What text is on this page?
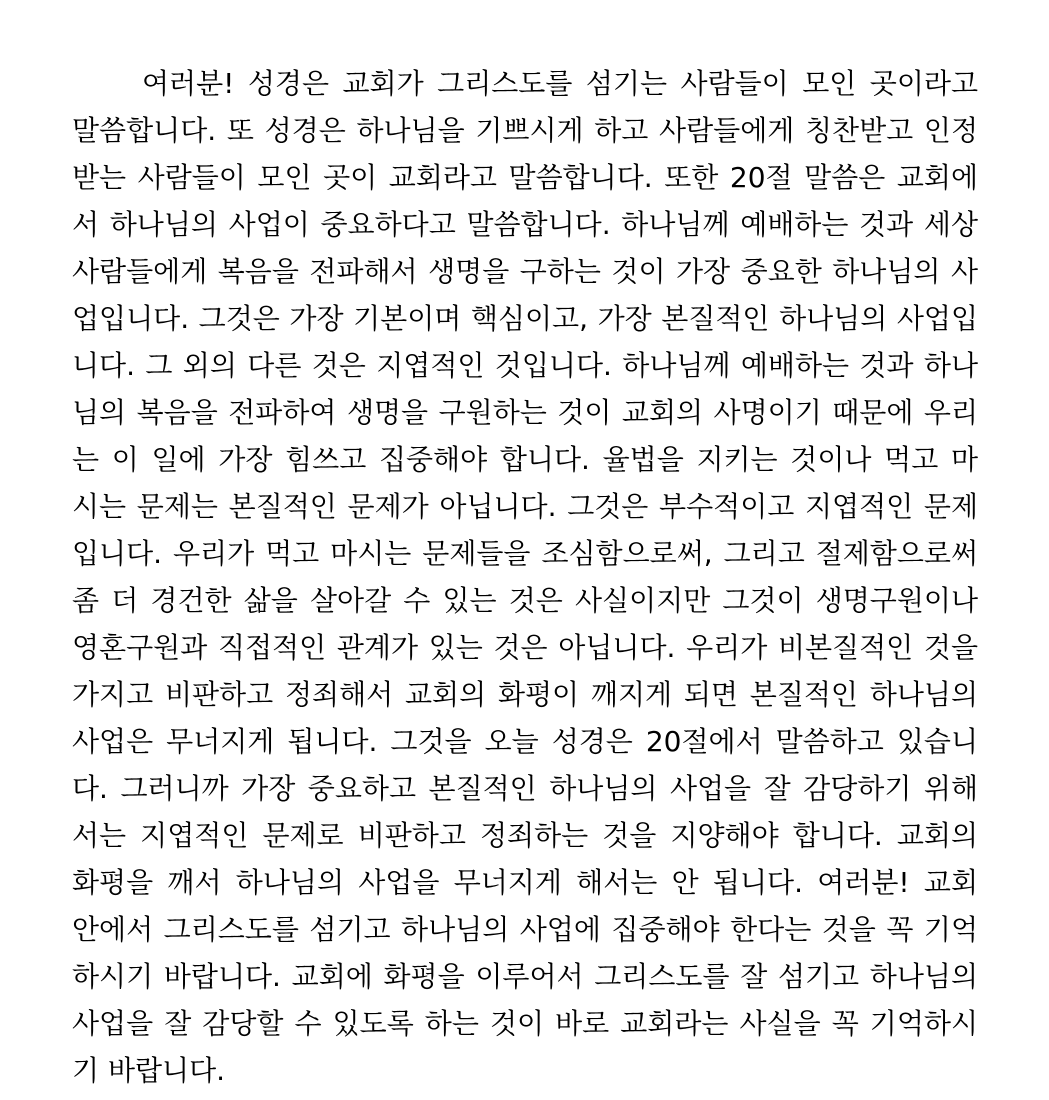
여러분! 성경은 교회가 그리스도를 섬기는 사람들이 모인 곳이라고
말씀합니다. 또 성경은 하나님을 기쁘시게 하고 사람들에게 칭찬받고 인정
받는 사람들이 모인 곳이 교회라고 말씀합니다. 또한 20절 말씀은 교회에
서 하나님의 사업이 중요하다고 말씀합니다. 하나님께 예배하는 것과 세상
사람들에게 복음을 전파해서 생명을 구하는 것이 가장 중요한 하나님의 사
업입니다. 그것은 가장 기본이며 핵심이고, 가장 본질적인 하나님의 사업입
니다. 그 외의 다른 것은 지엽적인 것입니다. 하나님께 예배하는 것과 하나
님의 복음을 전파하여 생명을 구원하는 것이 교회의 사명이기 때문에 우리
는 이 일에 가장 힘쓰고 집중해야 합니다. 율법을 지키는 것이나 먹고 마
시는 문제는 본질적인 문제가 아닙니다. 그것은 부수적이고 지엽적인 문제
입니다. 우리가 먹고 마시는 문제들을 조심함으로써, 그리고 절제함으로써
좀 더 경건한 삶을 살아갈 수 있는 것은 사실이지만 그것이 생명구원이나
영혼구원과 직접적인 관계가 있는 것은 아닙니다. 우리가 비본질적인 것을
가지고 비판하고 정죄해서 교회의 화평이 깨지게 되면 본질적인 하나님의
사업은 무너지게 됩니다. 그것을 오늘 성경은 20절에서 말씀하고 있습니
다. 그러니까 가장 중요하고 본질적인 하나님의 사업을 잘 감당하기 위해
서는 지엽적인 문제로 비판하고 정죄하는 것을 지양해야 합니다. 교회의
화평을 깨서 하나님의 사업을 무너지게 해서는 안 됩니다. 여러분! 교회
안에서 그리스도를 섬기고 하나님의 사업에 집중해야 한다는 것을 꼭 기억
하시기 바랍니다. 교회에 화평을 이루어서 그리스도를 잘 섬기고 하나님의
사업을 잘 감당할 수 있도록 하는 것이 바로 교회라는 사실을 꼭 기억하시
기 바랍니다.
